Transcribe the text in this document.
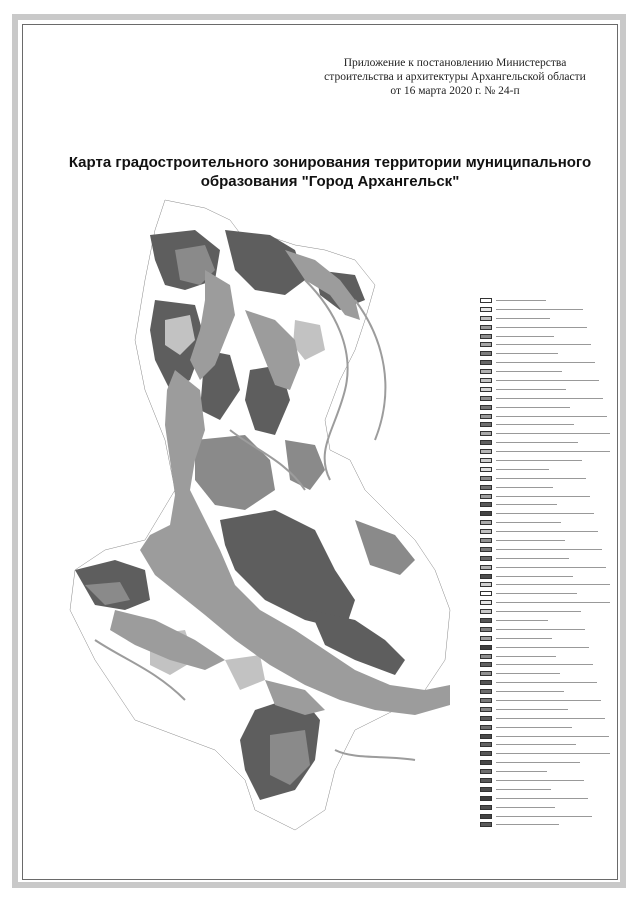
Приложение к постановлению Министерства
строительства и архитектуры Архангельской области
от 16 марта 2020 г. № 24-п
Карта градостроительного зонирования территории муниципального
образования "Город Архангельск"
